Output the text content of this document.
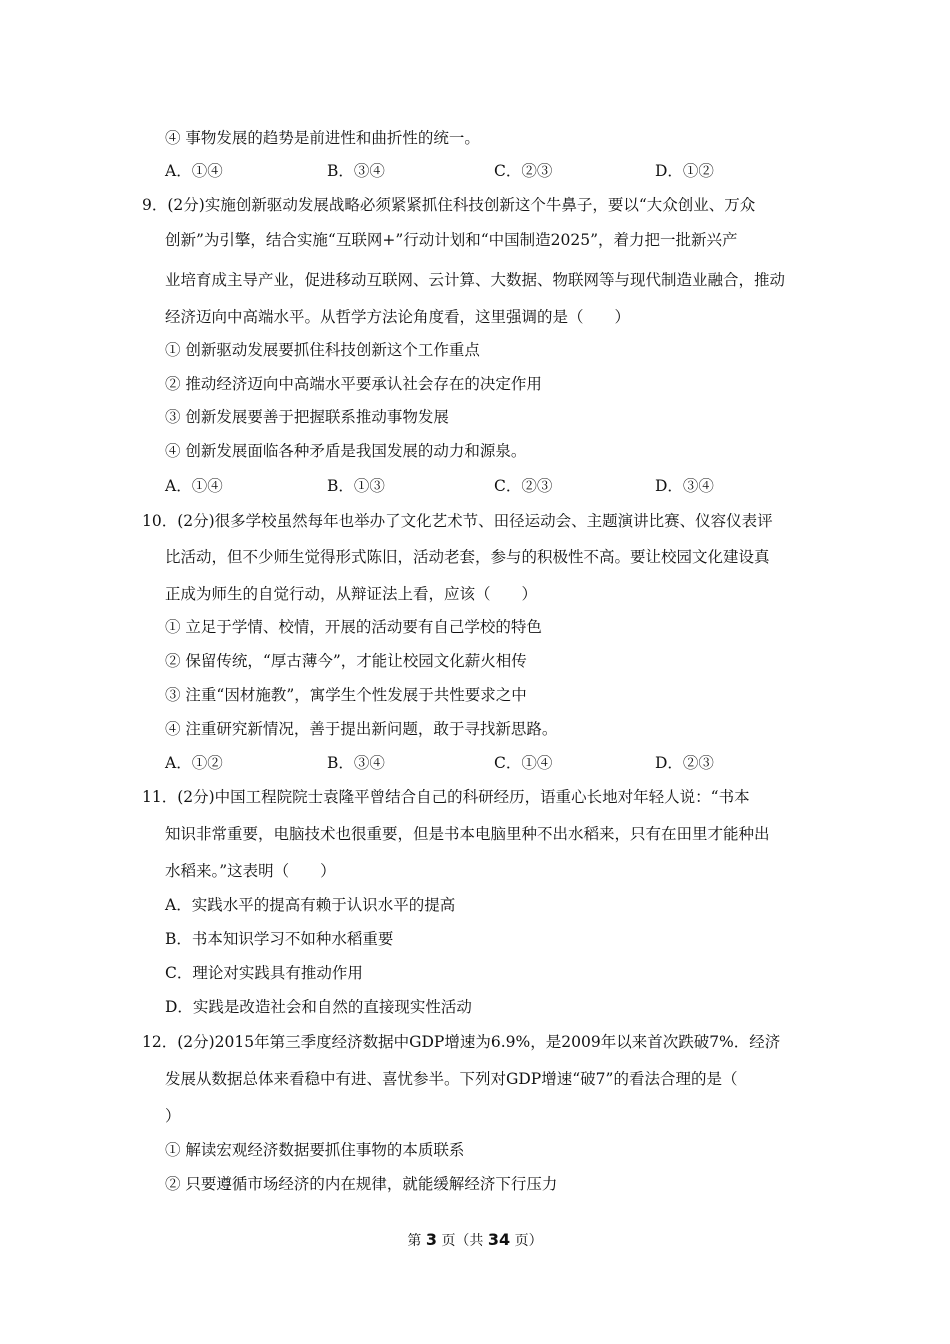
④ 事物发展的趋势是前进性和曲折性的统一。
A．①④	B．③④	C．②③	D．①②
9．(2分)实施创新驱动发展战略必须紧紧抓住科技创新这个牛鼻子，要以“大众创业、万众
创新”为引擎，结合实施“互联网+”行动计划和“中国制造2025”，着力把一批新兴产
业培育成主导产业，促进移动互联网、云计算、大数据、物联网等与现代制造业融合，推动
经济迈向中高端水平。从哲学方法论角度看，这里强调的是（　　）
① 创新驱动发展要抓住科技创新这个工作重点
② 推动经济迈向中高端水平要承认社会存在的决定作用
③ 创新发展要善于把握联系推动事物发展
④ 创新发展面临各种矛盾是我国发展的动力和源泉。
A．①④	B．①③	C．②③	D．③④
10．(2分)很多学校虽然每年也举办了文化艺术节、田径运动会、主题演讲比赛、仪容仪表评
比活动，但不少师生觉得形式陈旧，活动老套，参与的积极性不高。要让校园文化建设真
正成为师生的自觉行动，从辩证法上看，应该（　　）
① 立足于学情、校情，开展的活动要有自己学校的特色
② 保留传统，“厚古薄今”，才能让校园文化薪火相传
③ 注重“因材施教”，寓学生个性发展于共性要求之中
④ 注重研究新情况，善于提出新问题，敢于寻找新思路。
A．①②	B．③④	C．①④	D．②③
11．(2分)中国工程院院士袁隆平曾结合自己的科研经历，语重心长地对年轻人说：“书本
知识非常重要，电脑技术也很重要，但是书本电脑里种不出水稻来，只有在田里才能种出
水稻来。”这表明（　　）
A．实践水平的提高有赖于认识水平的提高
B．书本知识学习不如种水稻重要
C．理论对实践具有推动作用
D．实践是改造社会和自然的直接现实性活动
12．(2分)2015年第三季度经济数据中GDP增速为6.9%，是2009年以来首次跌破7%．经济
发展从数据总体来看稳中有进、喜忧参半。下列对GDP增速“破7”的看法合理的是（
）
① 解读宏观经济数据要抓住事物的本质联系
② 只要遵循市场经济的内在规律，就能缓解经济下行压力
第 3 页（共 34 页）
